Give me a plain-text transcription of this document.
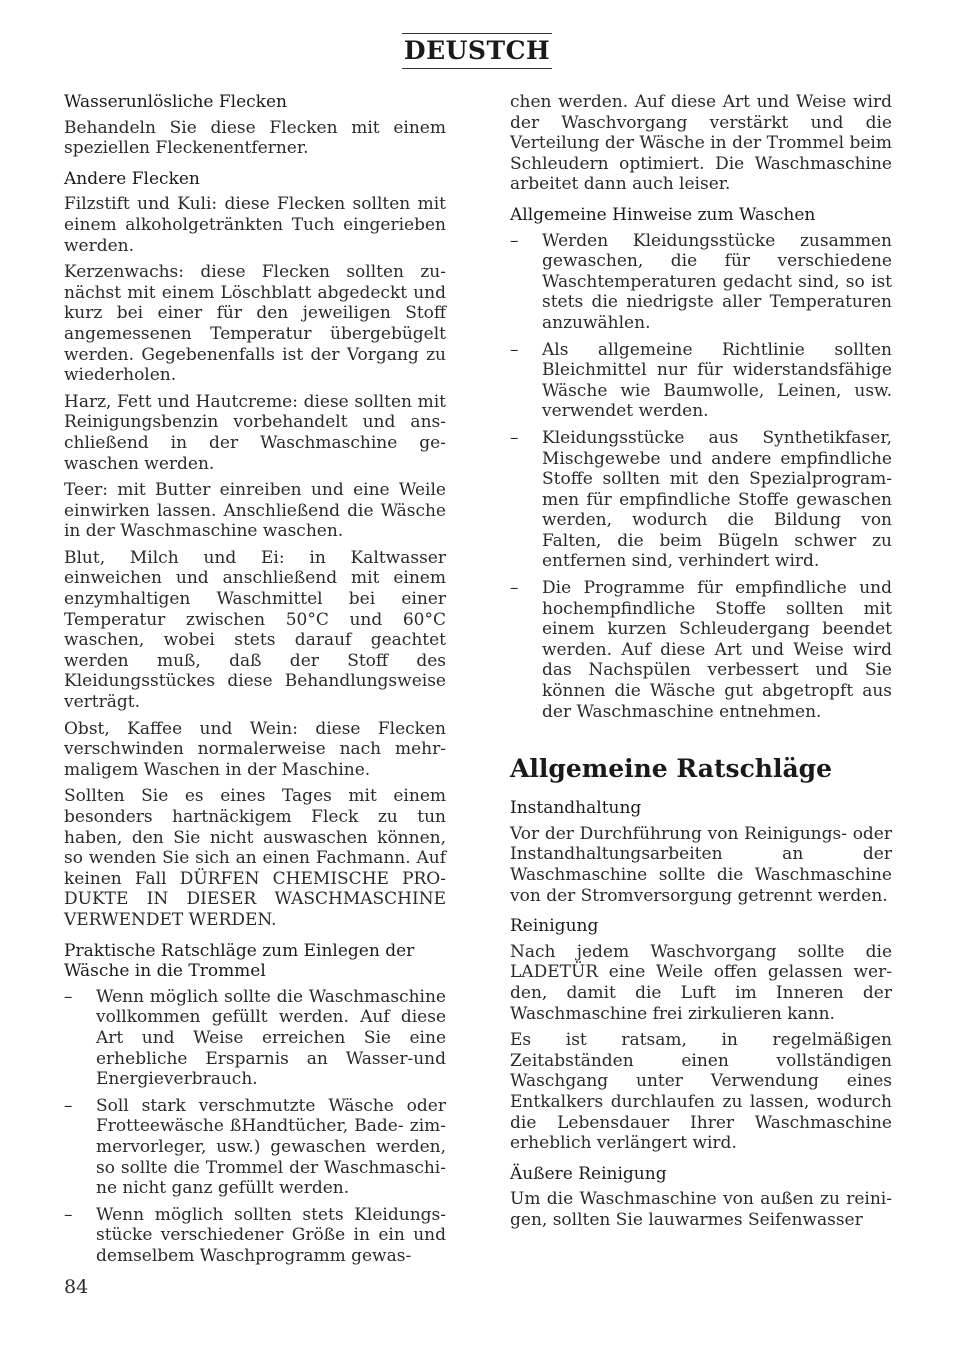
DEUSTCH
Wasserunlösliche Flecken

Behandeln Sie diese Flecken mit einem speziellen Fleckenentferner.

Andere Flecken

Filzstift und Kuli: diese Flecken sollten mit einem alkoholgetränkten Tuch eingerieben werden.

Kerzenwachs: diese Flecken sollten zunächst mit einem Löschblatt abgedeckt und kurz bei einer für den jeweiligen Stoff angemessenen Temperatur übergebügelt werden. Gegebenenfalls ist der Vorgang zu wiederholen.

Harz, Fett und Hautcreme: diese sollten mit Reinigungsbenzin vorbehandelt und anschließend in der Waschmaschine gewaschen werden.

Teer: mit Butter einreiben und eine Weile einwirken lassen. Anschließend die Wäsche in der Waschmaschine waschen.

Blut, Milch und Ei: in Kaltwasser einweichen und anschließend mit einem enzymhaltigen Waschmittel bei einer Temperatur zwischen 50°C und 60°C waschen, wobei stets darauf geachtet werden muß, daß der Stoff des Kleidungsstückes diese Behandlungsweise verträgt.

Obst, Kaffee und Wein: diese Flecken verschwinden normalerweise nach mehrmaligem Waschen in der Maschine.

Sollten Sie es eines Tages mit einem besonders hartnäckigem Fleck zu tun haben, den Sie nicht auswaschen können, so wenden Sie sich an einen Fachmann. Auf keinen Fall DÜRFEN CHEMISCHE PRODUKTE IN DIESER WASCHMASCHINE VERWENDET WERDEN.

Praktische Ratschläge zum Einlegen der Wäsche in die Trommel
– Wenn möglich sollte die Waschmaschine vollkommen gefüllt werden. Auf diese Art und Weise erreichen Sie eine erhebliche Ersparnis an Wasser-und Energieverbrauch.
– Soll stark verschmutzte Wäsche oder Frotteewäsche ßHandtücher, Bade- zimmervorleger, usw.) gewaschen werden, so sollte die Trommel der Waschmaschine nicht ganz gefüllt werden.
– Wenn möglich sollten stets Kleidungsstücke verschiedener Größe in ein und demselbem Waschprogramm gewas-

chen werden. Auf diese Art und Weise wird der Waschvorgang verstärkt und die Verteilung der Wäsche in der Trommel beim Schleudern optimiert. Die Waschmaschine arbeitet dann auch leiser.

Allgemeine Hinweise zum Waschen
– Werden Kleidungsstücke zusammen gewaschen, die für verschiedene Waschtemperaturen gedacht sind, so ist stets die niedrigste aller Temperaturen anzuwählen.
– Als allgemeine Richtlinie sollten Bleichmittel nur für widerstandsfähige Wäsche wie Baumwolle, Leinen, usw. verwendet werden.
– Kleidungsstücke aus Synthetikfaser, Mischgewebe und andere empfindliche Stoffe sollten mit den Spezialprogrammen für empfindliche Stoffe gewaschen werden, wodurch die Bildung von Falten, die beim Bügeln schwer zu entfernen sind, verhindert wird.
– Die Programme für empfindliche und hochempfindliche Stoffe sollten mit einem kurzen Schleudergang beendet werden. Auf diese Art und Weise wird das Nachspülen verbessert und Sie können die Wäsche gut abgetropft aus der Waschmaschine entnehmen.
Allgemeine Ratschläge
Instandhaltung

Vor der Durchführung von Reinigungs- oder Instandhaltungsarbeiten an der Waschmaschine sollte die Waschmaschine von der Stromversorgung getrennt werden.

Reinigung

Nach jedem Waschvorgang sollte die LADETÜR eine Weile offen gelassen werden, damit die Luft im Inneren der Waschmaschine frei zirkulieren kann.

Es ist ratsam, in regelmäßigen Zeitabständen einen vollständigen Waschgang unter Verwendung eines Entkalkers durchlaufen zu lassen, wodurch die Lebensdauer Ihrer Waschmaschine erheblich verlängert wird.

Äußere Reinigung

Um die Waschmaschine von außen zu reinigen, sollten Sie lauwarmes Seifenwasser

84
